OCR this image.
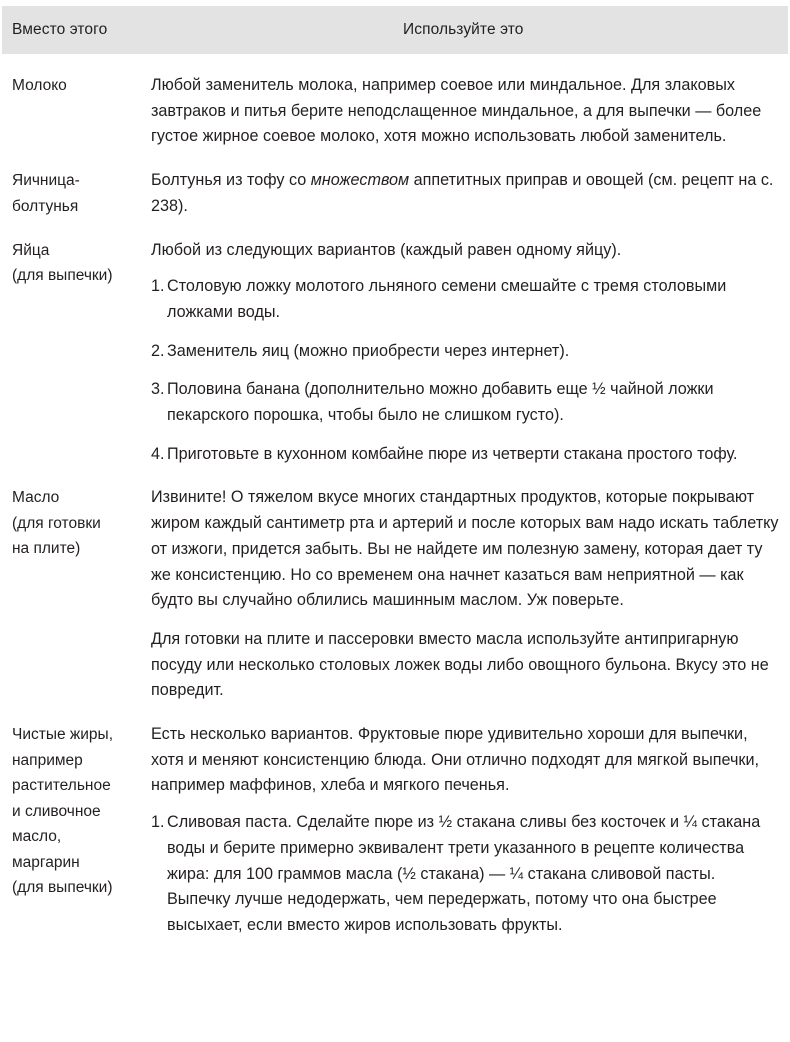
Вместо этого	Используйте это
Молоко	Любой заменитель молока, например соевое или миндальное. Для злаковых завтраков и питья берите неподслащенное миндальное, а для выпечки — более густое жирное соевое молоко, хотя можно использовать любой заменитель.

Яичница-
болтунья

Болтунья из тофу со множеством аппетитных приправ и овощей (см. рецепт на с. 238).

Яйца
(для выпечки)

Любой из следующих вариантов (каждый равен одному яйцу).

1. Столовую ложку молотого льняного семени смешайте с тремя столовыми ложками воды.
2. Заменитель яиц (можно приобрести через интернет).
3. Половина банана (дополнительно можно добавить еще ½ чайной ложки пекарского порошка, чтобы было не слишком густо).
4. Приготовьте в кухонном комбайне пюре из четверти стакана простого тофу.
Масло
(для готовки
на плите)

Извините! О тяжелом вкусе многих стандартных продуктов, которые покрывают жиром каждый сантиметр рта и артерий и после которых вам надо искать таблетку от изжоги, придется забыть. Вы не найдете им полезную замену, которая дает ту же консистенцию. Но со временем она начнет казаться вам неприятной — как будто вы случайно облились машинным маслом. Уж поверьте.

Для готовки на плите и пассеровки вместо масла используйте антипригарную посуду или несколько столовых ложек воды либо овощного бульона. Вкусу это не повредит.

Чистые жиры,
например
растительное
и сливочное
масло,
маргарин
(для выпечки)

Есть несколько вариантов. Фруктовые пюре удивительно хороши для выпечки, хотя и меняют консистенцию блюда. Они отлично подходят для мягкой выпечки, например маффинов, хлеба и мягкого печенья.

1. Сливовая паста. Сделайте пюре из ½ стакана сливы без косточек и ¼ стакана воды и берите примерно эквивалент трети указанного в рецепте количества жира: для 100 граммов масла (½ стакана) — ¼ стакана сливовой пасты. Выпечку лучше недодержать, чем передержать, потому что она быстрее высыхает, если вместо жиров использовать фрукты.
